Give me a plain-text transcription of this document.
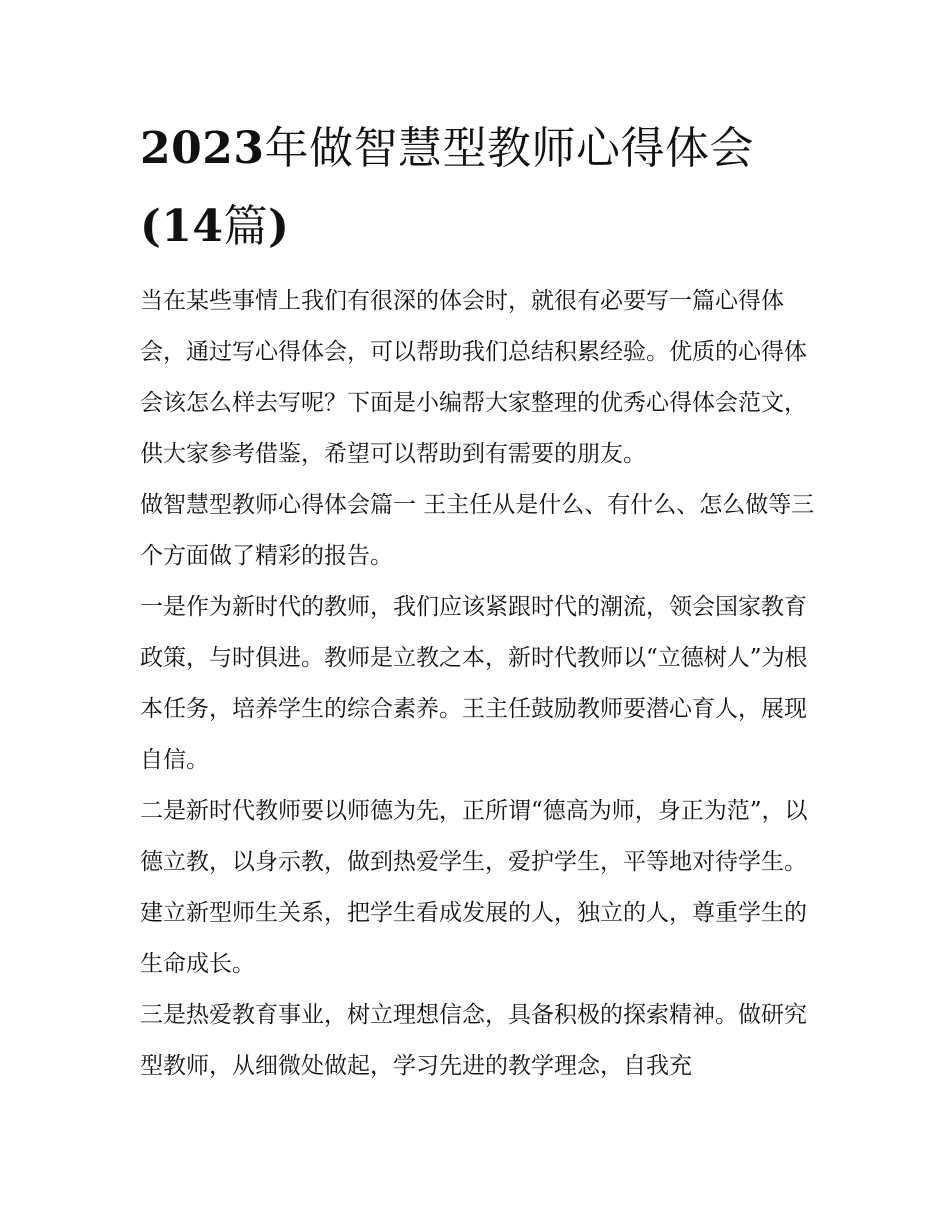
2023年做智慧型教师心得体会
(14篇)

当在某些事情上我们有很深的体会时，就很有必要写一篇心得体会，通过写心得体会，可以帮助我们总结积累经验。优质的心得体会该怎么样去写呢？下面是小编帮大家整理的优秀心得体会范文，供大家参考借鉴，希望可以帮助到有需要的朋友。

做智慧型教师心得体会篇一 王主任从是什么、有什么、怎么做等三个方面做了精彩的报告。

一是作为新时代的教师，我们应该紧跟时代的潮流，领会国家教育政策，与时俱进。教师是立教之本，新时代教师以“立德树人”为根本任务，培养学生的综合素养。王主任鼓励教师要潜心育人，展现自信。

二是新时代教师要以师德为先，正所谓“德高为师，身正为范”，以德立教，以身示教，做到热爱学生，爱护学生，平等地对待学生。建立新型师生关系，把学生看成发展的人，独立的人，尊重学生的生命成长。

三是热爱教育事业，树立理想信念，具备积极的探索精神。做研究型教师，从细微处做起，学习先进的教学理念，自我充
